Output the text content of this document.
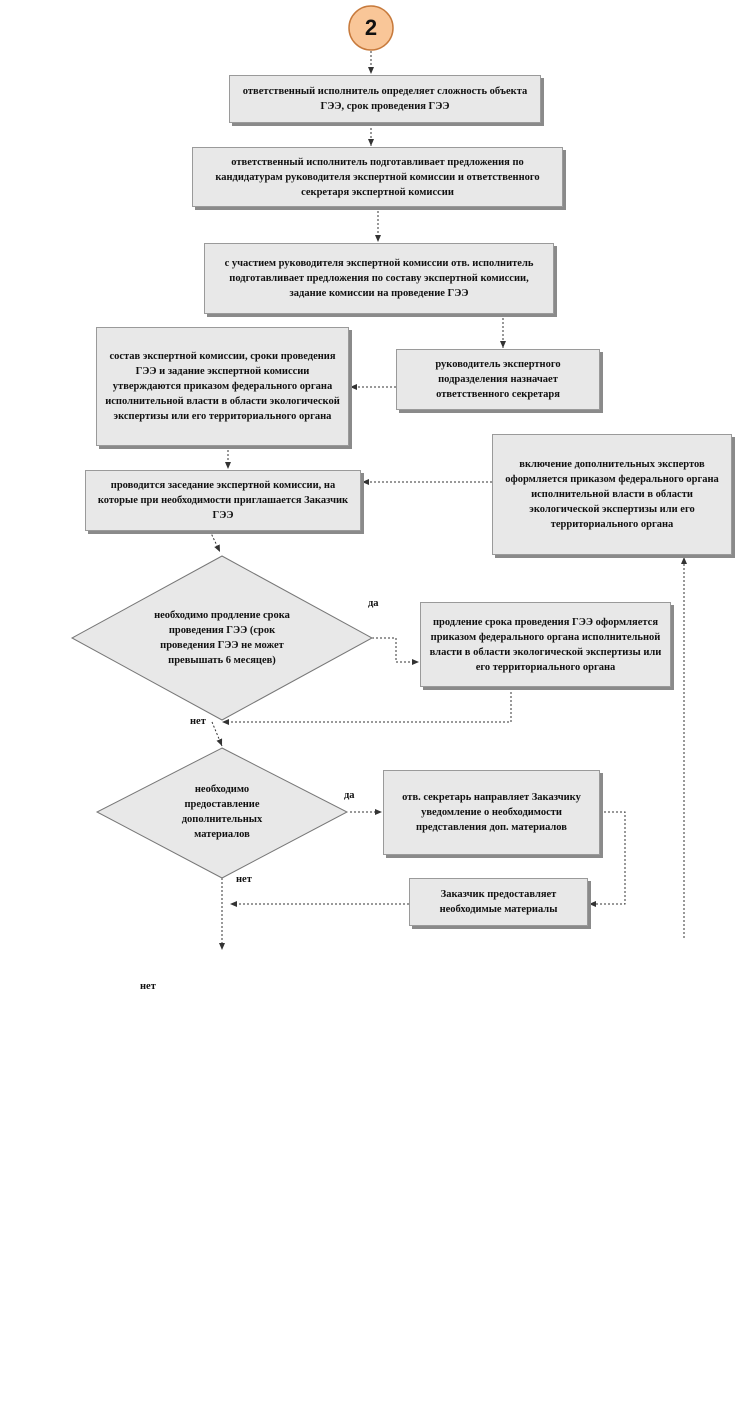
2
ответственный исполнитель определяет сложность объекта ГЭЭ, срок проведения ГЭЭ
ответственный исполнитель подготавливает предложения по кандидатурам руководителя экспертной комиссии и ответственного секретаря экспертной комиссии
с участием руководителя экспертной комиссии отв. исполнитель подготавливает предложения по составу экспертной комиссии, задание комиссии на проведение ГЭЭ
руководитель экспертного подразделения назначает ответственного секретаря
состав экспертной комиссии, сроки проведения ГЭЭ и задание экспертной комиссии утверждаются приказом федерального органа исполнительной власти в области экологической экспертизы или его территориального органа
проводится заседание экспертной комиссии, на которые при необходимости приглашается Заказчик ГЭЭ
включение дополнительных экспертов оформляется приказом федерального органа исполнительной власти в области экологической экспертизы или его территориального органа
необходимо продление срока проведения ГЭЭ (срок проведения ГЭЭ не может превышать 6 месяцев)
да
продление срока проведения ГЭЭ оформляется приказом федерального органа исполнительной власти в области экологической экспертизы или его территориального органа
нет
необходимо предоставление дополнительных материалов
да	отв. секретарь направляет Заказчику уведомление о необходимости представления доп. материалов
нет
Заказчик предоставляет необходимые материалы
нет
